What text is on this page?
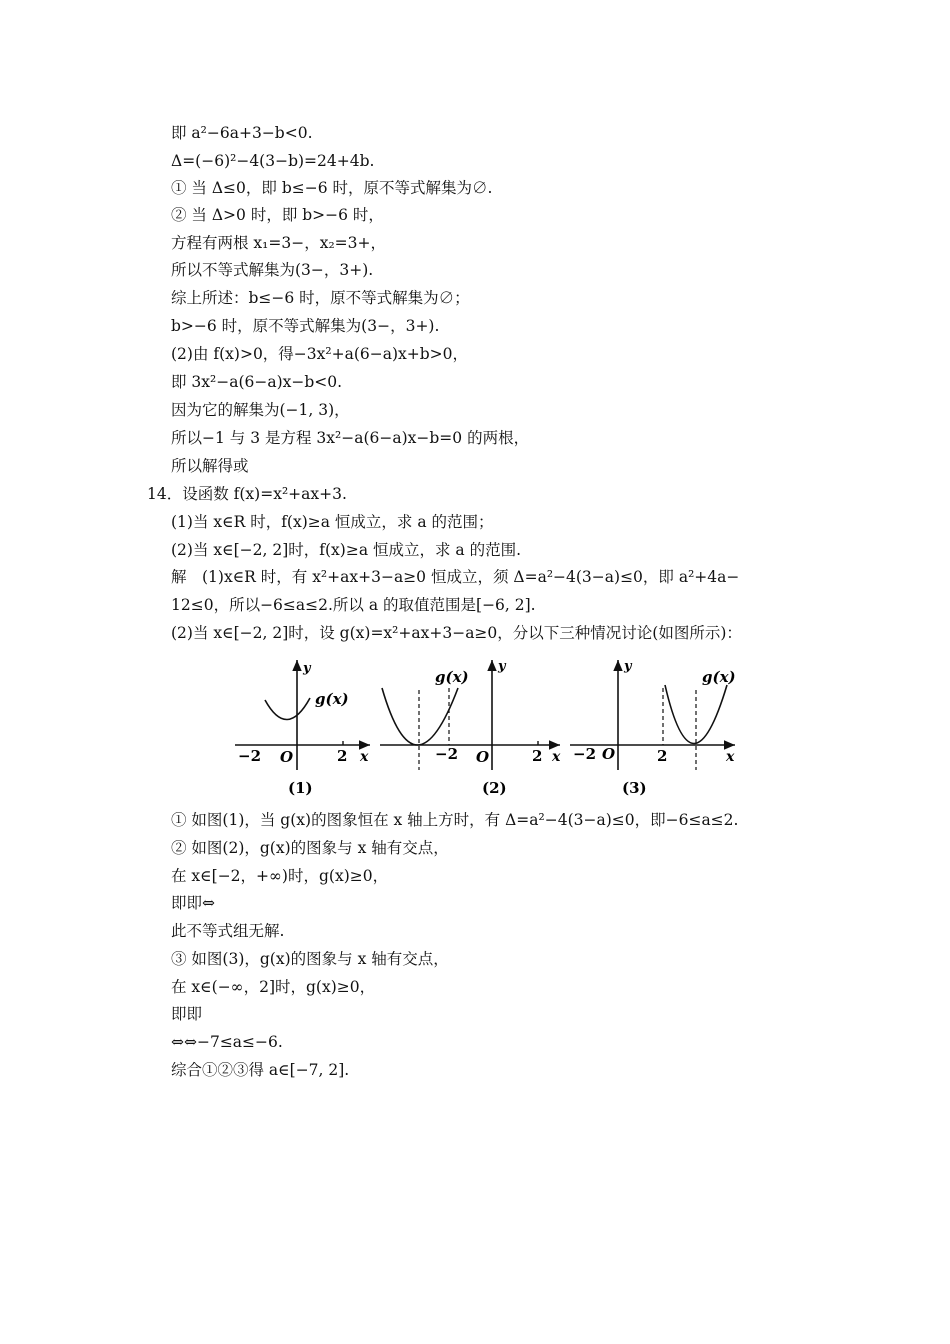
即 a²−6a+3−b<0.
Δ=(−6)²−4(3−b)=24+4b.
① 当 Δ≤0，即 b≤−6 时，原不等式解集为∅.
② 当 Δ>0 时，即 b>−6 时，
方程有两根 x₁=3−，x₂=3+，
所以不等式解集为(3−，3+).
综上所述：b≤−6 时，原不等式解集为∅；
b>−6 时，原不等式解集为(3−，3+).
(2)由 f(x)>0，得−3x²+a(6−a)x+b>0，
即 3x²−a(6−a)x−b<0.
因为它的解集为(−1, 3)，
所以−1 与 3 是方程 3x²−a(6−a)x−b=0 的两根，
所以解得或
14．设函数 f(x)=x²+ax+3.
(1)当 x∈R 时，f(x)≥a 恒成立，求 a 的范围；
(2)当 x∈[−2, 2]时，f(x)≥a 恒成立，求 a 的范围.
解　(1)x∈R 时，有 x²+ax+3−a≥0 恒成立，须 Δ=a²−4(3−a)≤0，即 a²+4a−
12≤0，所以−6≤a≤2.所以 a 的取值范围是[−6, 2].
(2)当 x∈[−2, 2]时，设 g(x)=x²+ax+3−a≥0，分以下三种情况讨论(如图所示)：
y
g(x)
−2 O	2 x
(1)
y
g(x)
−2 O	2 x
(2)
y
g(x)
−2 O	2	x
(3)
① 如图(1)，当 g(x)的图象恒在 x 轴上方时，有 Δ=a²−4(3−a)≤0，即−6≤a≤2.
② 如图(2)，g(x)的图象与 x 轴有交点，
在 x∈[−2，+∞)时，g(x)≥0，
即即⇔
此不等式组无解.
③ 如图(3)，g(x)的图象与 x 轴有交点，
在 x∈(−∞，2]时，g(x)≥0，
即即
⇔⇔−7≤a≤−6.
综合①②③得 a∈[−7, 2].
